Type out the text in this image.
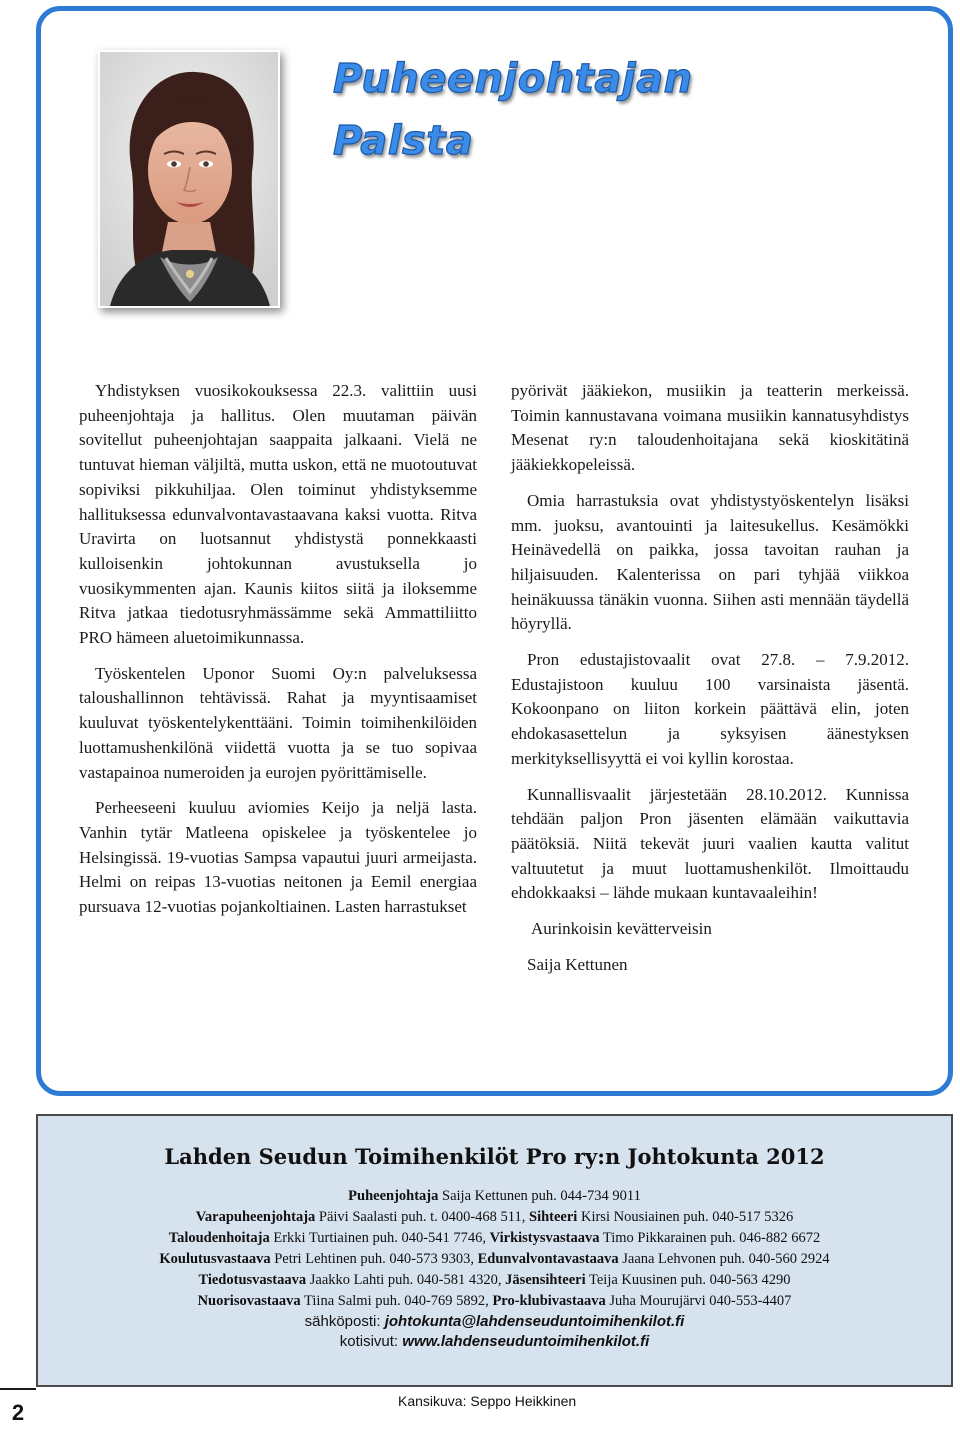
Puheenjohtajan
Palsta

Yhdistyksen vuosikokouksessa 22.3. valittiin uusi puheenjohtaja ja hallitus. Olen muutaman päivän sovitellut puheenjohtajan saappaita jalkaani. Vielä ne tuntuvat hieman väljiltä, mutta uskon, että ne muotoutuvat sopiviksi pikkuhiljaa. Olen toiminut yhdistyksemme hallituksessa edunvalvontavastaavana kaksi vuotta. Ritva Uravirta on luotsannut yhdistystä ponnekkaasti kulloisenkin johtokunnan avustuksella jo vuosikymmenten ajan. Kaunis kiitos siitä ja iloksemme Ritva jatkaa tiedotusryhmässämme sekä Ammattiliitto PRO hämeen aluetoimikunnassa.

Työskentelen Uponor Suomi Oy:n palveluksessa taloushallinnon tehtävissä. Rahat ja myyntisaamiset kuuluvat työskentelykenttääni. Toimin toimihenkilöiden luottamushenkilönä viidettä vuotta ja se tuo sopivaa vastapainoa numeroiden ja eurojen pyörittämiselle.

Perheeseeni kuuluu aviomies Keijo ja neljä lasta. Vanhin tytär Matleena opiskelee ja työskentelee jo Helsingissä. 19-vuotias Sampsa vapautui juuri armeijasta. Helmi on reipas 13-vuotias neitonen ja Eemil energiaa pursuava 12-vuotias pojankoltiainen. Lasten harrastukset

pyörivät jääkiekon, musiikin ja teatterin merkeissä. Toimin kannustavana voimana musiikin kannatusyhdistys Mesenat ry:n taloudenhoitajana sekä kioskitätinä jääkiekkopeleissä.

Omia harrastuksia ovat yhdistystyöskentelyn lisäksi mm. juoksu, avantouinti ja laitesukellus. Kesämökki Heinävedellä on paikka, jossa tavoitan rauhan ja hiljaisuuden. Kalenterissa on pari tyhjää viikkoa heinäkuussa tänäkin vuonna. Siihen asti mennään täydellä höyryllä.

Pron edustajistovaalit ovat 27.8. – 7.9.2012. Edustajistoon kuuluu 100 varsinaista jäsentä. Kokoonpano on liiton korkein päättävä elin, joten ehdokasasettelun ja syksyisen äänestyksen merkityksellisyyttä ei voi kyllin korostaa.

Kunnallisvaalit järjestetään 28.10.2012. Kunnissa tehdään paljon Pron jäsenten elämään vaikuttavia päätöksiä. Niitä tekevät juuri vaalien kautta valitut valtuutetut ja muut luottamushenkilöt. Ilmoittaudu ehdokkaaksi – lähde mukaan kuntavaaleihin!

Aurinkoisin kevätterveisin

Saija Kettunen

Lahden Seudun Toimihenkilöt Pro ry:n Johtokunta 2012
Puheenjohtaja Saija Kettunen puh. 044-734 9011
Varapuheenjohtaja Päivi Saalasti puh. t. 0400-468 511, Sihteeri Kirsi Nousiainen puh. 040-517 5326
Taloudenhoitaja Erkki Turtiainen puh. 040-541 7746, Virkistysvastaava Timo Pikkarainen puh. 046-882 6672
Koulutusvastaava Petri Lehtinen puh. 040-573 9303, Edunvalvontavastaava Jaana Lehvonen puh. 040-560 2924
Tiedotusvastaava Jaakko Lahti puh. 040-581 4320, Jäsensihteeri Teija Kuusinen puh. 040-563 4290
Nuorisovastaava Tiina Salmi puh. 040-769 5892, Pro-klubivastaava Juha Mourujärvi 040-553-4407
sähköposti: johtokunta@lahdenseuduntoimihenkilot.fi
kotisivut: www.lahdenseuduntoimihenkilot.fi
Kansikuva: Seppo Heikkinen
2
